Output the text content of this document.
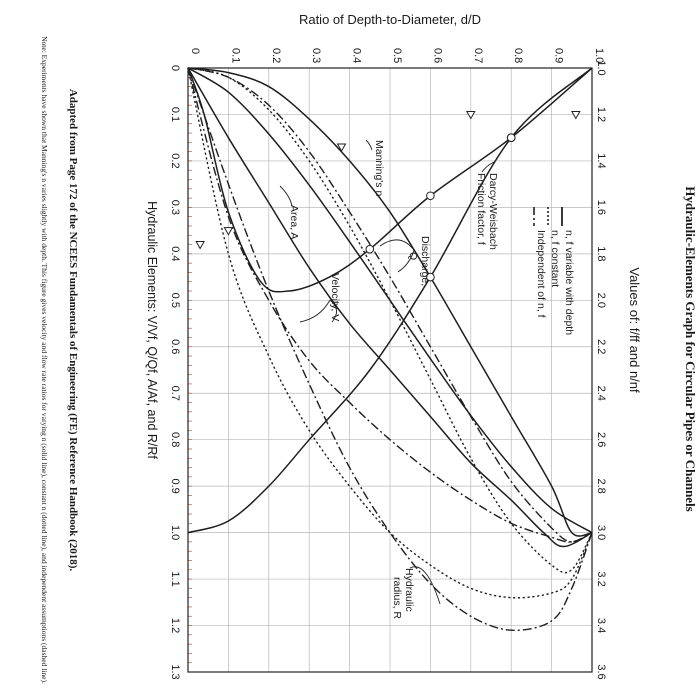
Hydraulic-Elements Graph for Circular Pipes or Channels
Adapted from Page 172 of the NCEES Fundamentals of Engineering (FE) Reference Handbook (2018).
Note: Experiments have shown that Manning's n varies slightly with depth. This figure gives velocity and flow rate ratios for varying n (solid line), constant n (dotted line), and independent assumptions (dashed line).
Ratio of Depth-to-Diameter, d/D
Values of: f/ff and n/nf
Hydraulic Elements: V/Vf, Q/Qf, A/Af, and R/Rf
0	0.1	0.2	0.3	0.4	0.5	0.6	0.7	0.8	0.9	1.0
0
0.1
0.2
0.3
0.4
0.5
0.6
0.7
0.8
0.9
1.0
1.1
1.2
1.3
1.0
1.2
1.4
1.6
1.8
2.0
2.2
2.4
2.6
2.8
3.0
3.2
3.4
3.6
n, f variable with depth
n, f constant
Independent of n, f
Manning's n
Darcy-Weisbach
Friction factor, f
Discharge,
Q
Velocity, V
Area, A
Hydraulic
radius, R
